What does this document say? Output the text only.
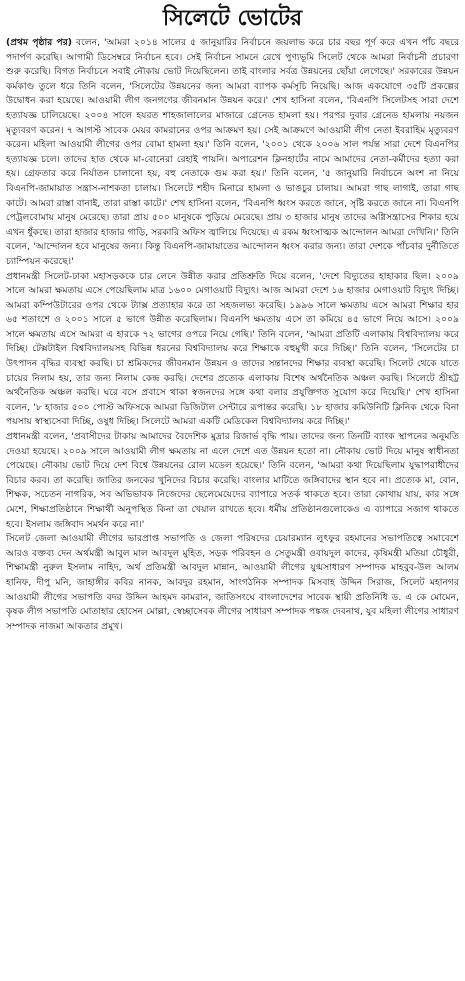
সিলেটে ভোটের

(প্রথম পৃষ্ঠার পর) বলেন, 'আমরা ২০১৪ সালের ৫ জানুয়ারির নির্বাচনে জয়লাভ করে চার বছর পূর্ণ করে এখন পাঁচ বছরে পদার্পণ করেছি। আগামী ডিসেম্বরে নির্বাচন হবে। সেই নির্বাচন সামনে রেখে পুণ্যভূমি সিলেট থেকে আমরা নির্বাচনী প্রচারণা শুরু করেছি। বিগত নির্বাচনে সবাই নৌকায় ভোট দিয়েছিলেন। তাই বাংলার সর্বত্র উন্নয়নের ছোঁয়া লেগেছে।' সরকারের উন্নয়ন কর্মকাণ্ড তুলে ধরে তিনি বলেন, 'সিলেটের উন্নয়নের জন্য আমরা ব্যাপক কর্মসূচি নিয়েছি। আজ একযোগে ৩৫টি প্রকল্পের উদ্বোধন করা হয়েছে। আওয়ামী লীগ জনগণের জীবনমান উন্নয়ন করে।' শেখ হাসিনা বলেন, 'বিএনপি সিলেটসহ সারা দেশে হত্যাযজ্ঞ চালিয়েছে। ২০০৪ সালে হযরত শাহজালালের মাজারে গ্রেনেড হামলা হয়। পরপর দুবার গ্রেনেড হামলায় নয়জন মৃত্যুবরণ করেন। ৭ আগস্ট সাবেক মেয়র কামরানের ওপর আক্রমণ হয়। সেই আক্রমণে আওয়ামী লীগ নেতা ইবরাহিম মৃত্যুবরণ করেন। মহিলা আওয়ামী লীগের ওপর বোমা হামলা হয়।' তিনি বলেন, '২০০১ থেকে ২০০৬ সাল পর্যন্ত সারা দেশে বিএনপির হত্যাযজ্ঞ চলে। তাদের হাত থেকে মা-বোনেরা রেহাই পায়নি। অপারেশন ক্লিনহার্টের নামে আমাদের নেতা-কর্মীদের হত্যা করা হয়। গ্রেফতার করে নির্যাতন চালানো হয়, বহু নেতাকে গুম করা হয়।' তিনি বলেন, '৫ জানুয়ারি নির্বাচনে অংশ না নিয়ে বিএনপি-জামায়াত সন্ত্রাস-নাশকতা চালায়। সিলেটে শহীদ মিনারে হামলা ও ভাঙচুর চালায়। আমরা গাছ লাগাই, তারা গাছ কাটে। আমরা রাস্তা বানাই, তারা রাস্তা কাটে।' শেখ হাসিনা বলেন, 'বিএনপি ধ্বংস করতে জানে, সৃষ্টি করতে জানে না। বিএনপি পেট্রলবোমায় মানুষ মেরেছে। তারা প্রায় ৫০০ মানুষকে পুড়িয়ে মেরেছে। প্রায় ৩ হাজার মানুষ তাদের অগ্নিসন্ত্রাসের শিকার হয়ে এখন ধুঁকছে। তারা হাজার হাজার গাড়ি, সরকারি অফিস জ্বালিয়ে দিয়েছে। এ রকম ধ্বংসাত্মক আন্দোলন আমরা দেখিনি।' তিনি বলেন, 'আন্দোলন হবে মানুষের জন্য। কিন্তু বিএনপি-জামায়াতের আন্দোলন ধ্বংস করার জন্য। তারা দেশকে পাঁচবার দুর্নীতিতে চ্যাম্পিয়ন করেছে।'

প্রধানমন্ত্রী সিলেট-ঢাকা মহাসড়ককে চার লেনে উন্নীত করার প্রতিশ্রুতি দিয়ে বলেন, 'দেশে বিদ্যুতের হাহাকার ছিল। ২০০৯ সালে আমরা ক্ষমতায় এসে পেয়েছিলাম মাত্র ১৬০০ মেগাওয়াট বিদ্যুৎ। আজ আমরা দেশে ১৬ হাজার মেগাওয়াট বিদ্যুৎ দিচ্ছি। আমরা কম্পিউটারের ওপর থেকে ট্যাক্স প্রত্যাহার করে তা সহজলভ্য করেছি। ১৯৯৬ সালে ক্ষমতায় এসে আমরা শিক্ষার হার ৬৫ শতাংশে ও ২০০১ সালে ৫ ভাগে উন্নীত করেছিলাম। বিএনপি ক্ষমতায় এসে তা কমিয়ে ৪৫ ভাগে নিয়ে আসে। ২০০৯ সালে ক্ষমতায় এসে আমরা এ হারকে ৭২ ভাগের ওপরে নিয়ে গেছি।' তিনি বলেন, 'আমরা প্রতিটি এলাকায় বিশ্ববিদ্যালয় করে দিচ্ছি। টেক্সটাইল বিশ্ববিদ্যালয়সহ বিভিন্ন ধরনের বিশ্ববিদ্যালয় করে শিক্ষাকে বহুমুখী করে দিচ্ছি।' তিনি বলেন, 'সিলেটের চা উৎপাদন বৃদ্ধির ব্যবস্থা করছি। চা শ্রমিকদের জীবনমান উন্নয়ন ও তাদের সন্তানদের শিক্ষার ব্যবস্থা করেছি। সিলেট থেকে যাতে চায়ের নিলাম হয়, তার জন্য নিলাম কেন্দ্র করছি। দেশের প্রত্যেক এলাকায় বিশেষ অর্থনৈতিক অঞ্চল করছি। সিলেটে শ্রীহট্ট অর্থনৈতিক অঞ্চল করছি। ঘরে বসে প্রবাসে থাকা স্বজনদের সঙ্গে কথা বলার প্রযুক্তিগত সুযোগ করে দিয়েছি।' শেখ হাসিনা বলেন, '৮ হাজার ৫০০ পোস্ট অফিসকে আমরা ডিজিটাল সেন্টারে রূপান্তর করেছি। ১৮ হাজার কমিউনিটি ক্লিনিক থেকে বিনা পয়সায় স্বাস্থ্যসেবা দিচ্ছি, ওষুধ দিচ্ছি। সিলেটে আমরা একটি মেডিকেল বিশ্ববিদ্যালয় করে দিচ্ছি।'

প্রধানমন্ত্রী বলেন, 'প্রবাসীদের টাকায় আমাদের বৈদেশিক মুদ্রার রিজার্ভ বৃদ্ধি পায়। তাদের জন্য তিনটি ব্যাংক স্থাপনের অনুমতি দেওয়া হয়েছে। ২০০৯ সালে আওয়ামী লীগ ক্ষমতায় না এলে দেশে এত উন্নয়ন হতো না। নৌকায় ভোট দিয়ে মানুষ স্বাধীনতা পেয়েছে। নৌকায় ভোট দিয়ে দেশ বিশ্বে উন্নয়নের রোল মডেল হয়েছে।' তিনি বলেন, 'আমরা কথা দিয়েছিলাম যুদ্ধাপরাধীদের বিচার করব। তা করেছি। জাতির জনকের খুনিদের বিচার করেছি। বাংলার মাটিতে জঙ্গিবাদের স্থান হবে না। প্রত্যেক মা, বোন, শিক্ষক, সচেতন নাগরিক, সব অভিভাবক নিজেদের ছেলেমেয়েদের ব্যাপারে সতর্ক থাকতে হবে। তারা কোথায় যায়, কার সঙ্গে মেশে, শিক্ষাপ্রতিষ্ঠানে শিক্ষার্থী অনুপস্থিত কিনা তা খেয়াল রাখতে হবে। ধর্মীয় প্রতিষ্ঠানগুলোকেও এ ব্যাপারে সজাগ থাকতে হবে। ইসলাম জঙ্গিবাদ সমর্থন করে না।'

সিলেট জেলা আওয়ামী লীগের ভারপ্রাপ্ত সভাপতি ও জেলা পরিষদের চেয়ারম্যান লুৎফুর রহমানের সভাপতিত্বে সমাবেশে আরও বক্তব্য দেন অর্থমন্ত্রী আবুল মাল আবদুল মুহিত, সড়ক পরিবহন ও সেতুমন্ত্রী ওবায়দুল কাদের, কৃষিমন্ত্রী মতিয়া চৌধুরী, শিক্ষামন্ত্রী নুরুল ইসলাম নাহিদ, অর্থ প্রতিমন্ত্রী আবদুল মান্নান, আওয়ামী লীগের যুগ্মসাধারণ সম্পাদক মাহবুব-উল আলম হানিফ, দীপু মনি, জাহাঙ্গীর কবির নানক, আবদুর রহমান, সাংগঠনিক সম্পাদক মিসবাহ উদ্দিন সিরাজ, সিলেট মহানগর আওয়ামী লীগের সভাপতি বদর উদ্দিন আহমদ কামরান, জাতিসংঘে বাংলাদেশের সাবেক স্থায়ী প্রতিনিধি ড. এ কে মোমেন, কৃষক লীগ সভাপতি মোতাহার হোসেন মোল্লা, স্বেচ্ছাসেবক লীগের সাধারণ সম্পাদক পঙ্কজ দেবনাথ, যুব মহিলা লীগের সাধারণ সম্পাদক নাজমা আকতার প্রমুখ।
